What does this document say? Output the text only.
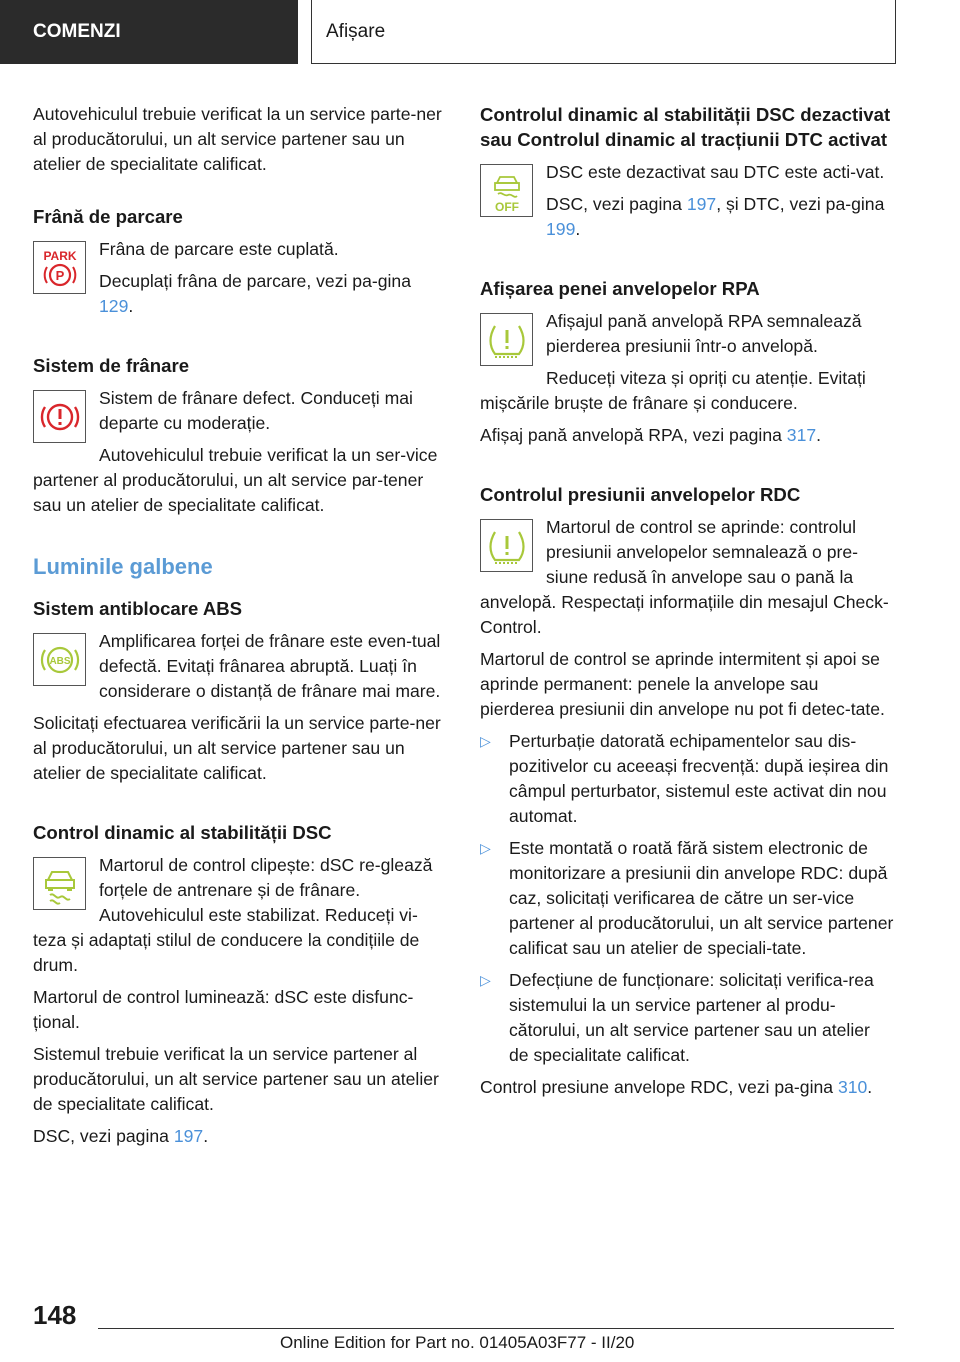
COMENZI	Afișare

Autovehiculul trebuie verificat la un service parte-ner al producătorului, un alt service partener sau un atelier de specialitate calificat.

Frână de parcare
PARK
P

Frâna de parcare este cuplată.

Decuplați frâna de parcare, vezi pa-gina 129.

Sistem de frânare

Sistem de frânare defect. Conduceți mai departe cu moderație.

Autovehiculul trebuie verificat la un ser-vice partener al producătorului, un alt service par-tener sau un atelier de specialitate calificat.

Luminile galbene
Sistem antiblocare ABS
ABS

Amplificarea forței de frânare este even-tual defectă. Evitați frânarea abruptă. Luați în considerare o distanță de frânare mai mare.

Solicitați efectuarea verificării la un service parte-ner al producătorului, un alt service partener sau un atelier de specialitate calificat.

Control dinamic al stabilității DSC

Martorul de control clipește: dSC re-glează forțele de antrenare și de frânare. Autovehiculul este stabilizat. Reduceți vi-teza și adaptați stilul de conducere la condițiile de drum.

Martorul de control luminează: dSC este disfunc-țional.

Sistemul trebuie verificat la un service partener al producătorului, un alt service partener sau un atelier de specialitate calificat.

DSC, vezi pagina 197.

Controlul dinamic al stabilității DSC dezactivat sau Controlul dinamic al tracțiunii DTC activat
OFF

DSC este dezactivat sau DTC este acti-vat.

DSC, vezi pagina 197, și DTC, vezi pa-gina 199.

Afișarea penei anvelopelor RPA

Afișajul pană anvelopă RPA semnalează pierderea presiunii într-o anvelopă.

Reduceți viteza și opriți cu atenție. Evitați mișcările bruște de frânare și conducere.

Afișaj pană anvelopă RPA, vezi pagina 317.

Controlul presiunii anvelopelor RDC

Martorul de control se aprinde: controlul presiunii anvelopelor semnalează o pre-siune redusă în anvelope sau o pană la anvelopă. Respectați informațiile din mesajul Check-Control.

Martorul de control se aprinde intermitent și apoi se aprinde permanent: penele la anvelope sau pierderea presiunii din anvelope nu pot fi detec-tate.

▷ Perturbație datorată echipamentelor sau dis-pozitivelor cu aceeași frecvență: după ieșirea din câmpul perturbator, sistemul este activat din nou automat.
▷ Este montată o roată fără sistem electronic de monitorizare a presiunii din anvelope RDC: după caz, solicitați verificarea de către un ser-vice partener al producătorului, un alt service partener calificat sau un atelier de speciali-tate.
▷ Defecțiune de funcționare: solicitați verifica-rea sistemului la un service partener al produ-cătorului, un alt service partener sau un atelier de specialitate calificat.

Control presiune anvelope RDC, vezi pa-gina 310.

148
Online Edition for Part no. 01405A03F77 - II/20
